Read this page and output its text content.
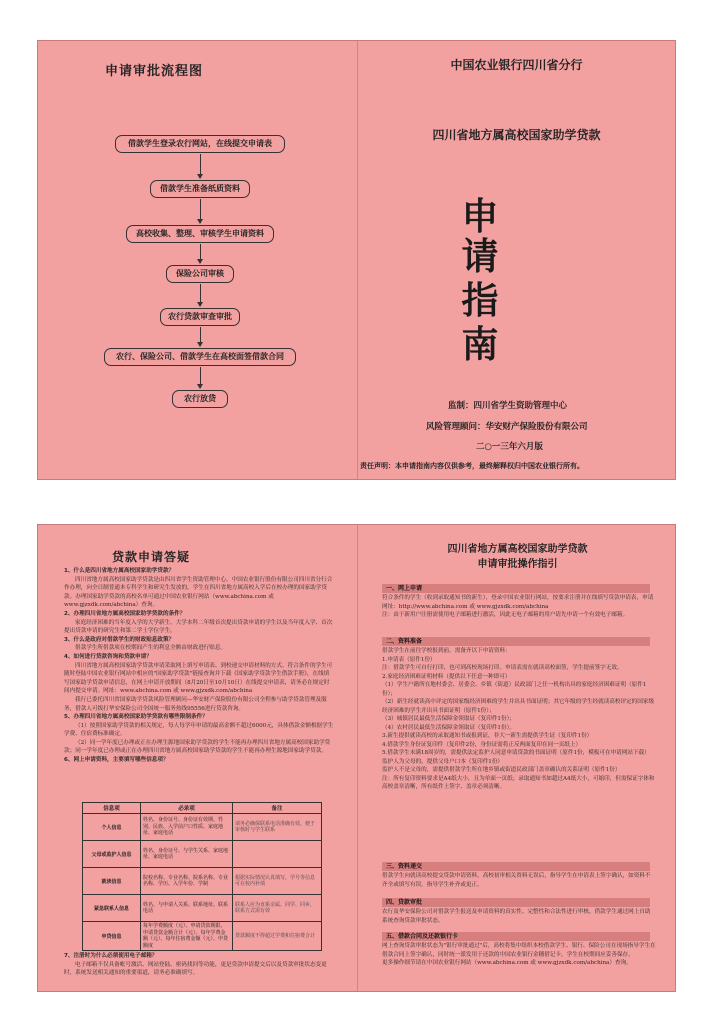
申请审批流程图
借款学生登录农行网站，在线提交申请表
借款学生准备纸质资料
高校收集、整理、审核学生申请资料
保险公司审核
农行贷款审查审批
农行、保险公司、借款学生在高校面签借款合同
农行放贷
中国农业银行四川省分行
四川省地方属高校国家助学贷款
申
请
指
南
监制：四川省学生资助管理中心
风险管理顾问：华安财产保险股份有限公司
二○一三年六月版
责任声明：本申请指南内容仅供参考，最终解释权归中国农业银行所有。
贷款申请答疑
1、什么是四川省地方属高校国家助学贷款？
四川省地方属高校国家助学贷款是由四川省学生资助管理中心、中国农业银行股份有限公司四川省分行合作办理，向全日制普通本专科学生和研究生发放的，学生在四川省地方属高校入学后在校办理的国家助学贷款。办理国家助学贷款的高校名单可通过中国农业银行网站（www.abchina.com 或 www.gjzxdk.com/abchina）查询。
2、办理四川省地方属高校国家助学贷款的条件？
家庭经济困难的当年度入学的大学新生、大学本科二年级首次提出贷款申请的学生以及当年度入学、首次提出贷款申请的研究生和第二学士学位学生。
3、什么是政府对借款学生的财政贴息政策？
借款学生所借款项在校期间产生的利息全额由财政进行贴息。
4、如何进行贷款咨询和贷款申请？
四川省地方属高校国家助学贷款申请采取网上填写申请表、到校递交申请材料的方式。符合条件的学生可随时登陆中国农业银行网站中相应的"国家助学贷款"链接查询并下载《国家助学贷款学生借款手册》，在线填写国家助学贷款申请信息，在网上申请开放期间（8月20日至10月10日）在线提交申请表，请务必在规定时间内提交申请。网址：www.abchina.com 或 www.gjzxdk.com/abchina
我行已委托四川省国家助学贷款风险管理顾问—华安财产保险股份有限公司全程参与助学贷款管理及服务，借款人可拨打华安保险公司全国统一服务热线95556进行贷款咨询。
5、办理四川省地方属高校国家助学贷款有哪些限制条件？
（1）按照国家助学贷款的相关规定，每人每学年申请的最高金额不超过6000元，具体借款金额根据学生学费、住宿费标准确定。
（2）同一学年度已办理或正在办理生源地国家助学贷款的学生不能再办理四川省地方属高校国家助学贷款；同一学年度已办理或正在办理四川省地方属高校国家助学贷款的学生不能再办理生源地国家助学贷款。
6、网上申请资料，主要填写哪些信息项？
信息项	必录项	备注
个人信息	姓名、身份证号、身份证有效期、性别、民族、入学前户口性质、家庭地址、家庭电话	请务必确保联系电话准确有效，便于审核时与学生联系
父母或监护人信息	姓名、身份证号、与学生关系、家庭地址、家庭电话	
就读信息	院校名称、专业名称、院系名称、专业名称、学历、入学年份、学制	根据实际情况认真填写，学号等信息可在校内补填
紧急联系人信息	姓名、与申请人关系、联系地址、联系电话	联系人应为直系亲属、同学、同乡，联系方式需有效
申贷信息	每年学费额度（元）、申请贷款期限、申请贷款金额合计（元）、每年学费金额（元）、每年住宿费金额（元）、申贷额度	贷款额度不得超过学费和住宿费合计
7、注册时为什么必须使用电子邮箱？
电子邮箱不仅具备帐号激活、网站登陆、密码找回等功能，更是贷款申请提交后以及贷款审批状态变更时，系统发送相关通知的重要渠道，请务必准确填写。
四川省地方属高校国家助学贷款
申请审批操作指引
一、网上申请
符合条件的学生（收到录取通知书的新生），登录中国农业银行网站，按要求注册并在线填写贷款申请表，申请网址：http://www.abchina.com 或 www.gjzxdk.com/abchina
注：由于新用户注册需使用电子邮箱进行激活，因此无电子邮箱的用户请先申请一个有效电子邮箱。
二、资料准备
借款学生在前往学校报到前，需备齐以下申请资料：
1.申请表（原件1份）
注：借款学生可自行打印，也可到高校现场打印。申请表需在就读高校面签，学生提前签字无效。
2.家庭经济困难证明材料（提供以下任意一种即可）
（1）学生户籍所在地村委会、居委会、乡镇（街道）民政部门之任一机构出具的家庭经济困难证明（原件1份）；
（2）新生经就读高中评定的国家级经济困难的学生并出具书面证明；其它年级的学生经就读高校评定的国家级经济困难的学生并出具书面证明（原件1份）；
（3）城镇居民最低生活保障金领取证（复印件1份）；
（4）农村居民最低生活保障金领取证（复印件1份）。
3.新生提供就读高校的录取通知书或报到证，非大一新生需提供学生证（复印件1份）
4.借款学生身份证复印件（复印件2份，身份证需将正反两面复印在同一页纸上）
5.借款学生未满18周岁的，需提供法定监护人同意申请贷款的书面证明（原件1份，模板可在申请网站下载）
监护人为父母的，提供父母户口本（复印件1份）
监护人不是父母的，需提供借款学生所在地乡镇或街道民政部门盖章确认的关系证明（原件1份）
注：所有复印资料要求是A4纸大小，且为单面一页纸；录取通知书如超过A4纸大小，可缩印，但需保证字体和高校盖章清晰，所有纸件上签字、盖章必须清晰。
三、资料递交
借款学生向就读高校提交贷款申请资料，高校初审相关资料无误后，指导学生在申请表上签字确认，如资料不齐全或填写有误，指导学生补齐或更正。
四、贷款审批
农行及华安保险公司对借款学生报送及申请资料的真实性、完整性和合法性进行审核，借款学生通过网上自助系统查询贷款审批状态。
五、借款合同及还款银行卡
网上查询贷款审批状态为"银行审批通过"后，高校将集中组织本校借款学生、银行、保险公司在现场指导学生在借款合同上签字确认，同时统一派发用于还款的中国农业银行金穗借记卡，学生在校期间应妥善保存。
更多操作细节请在中国农业银行网站（www.abchina.com 或 www.gjzxdk.com/abchina）查询。
